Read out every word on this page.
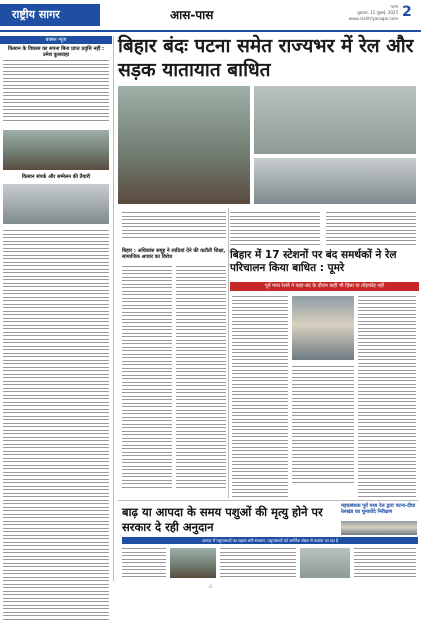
राष्ट्रीय सागर	आस-पास
पटना
शुक्रवार, 11 जुलाई, 2025
www.rashtriyasagar.com 2
बक्सर न्यूज
किसान के विकास का सपना बिना प्राप्त प्रवृत्ति नहीं : उमेश कुशवाहा
किसान संपर्क और सम्मेलन की तैयारी
बिहार बंदः पटना समेत राज्यभर में रेल और सड़क यातायात बाधित
बिहार : अधिकांश समूह ने लाठियां देने की कटौती शिक्षा, सामाजिक आधार का विरोध	बिहार में 17 स्टेशनों पर बंद समर्थकों ने रेल परिचालन किया बाधित : पूमरे
पूर्व मध्य रेलवे ने कहा-बंद के दौरान कहीं भी हिंसा या तोड़फोड़ नहीं
बाढ़ या आपदा के समय पशुओं की मृत्यु होने पर सरकार दे रही अनुदान
महाप्रबंधक पूर्व मध्य रेल द्वारा पटना-दीघा रेलखंड का चुनावोंदे निरीक्षण
आपदा में पशुपालकों का सहारा बनी सरकार, पशुपालकों को आर्थिक संबल से बचाया जा रहा है
-2-
